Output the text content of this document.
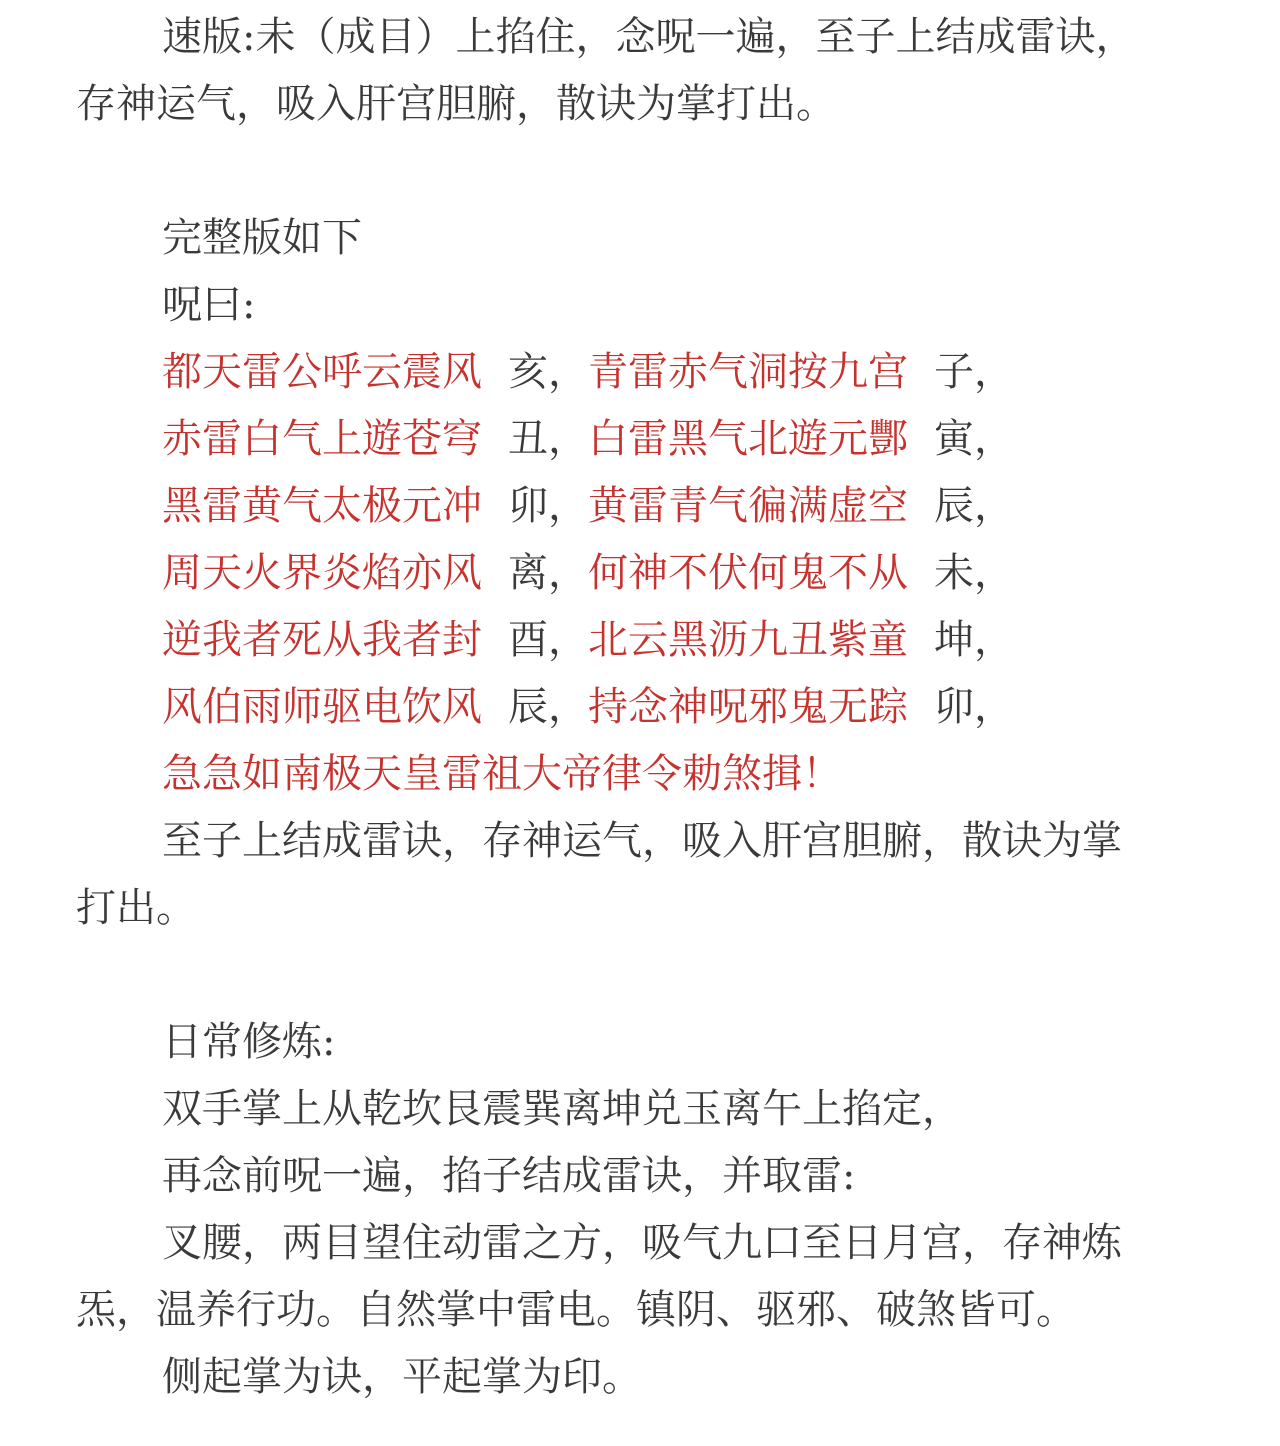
速版:未（成目）上掐住，念呪一遍，至子上结成雷诀，
存神运气，吸入肝宫胆腑，散诀为掌打出。
完整版如下
呪曰:
都天雷公呼云震风 亥，青雷赤气洞按九宫 子，
赤雷白气上遊苍穹 丑，白雷黑气北遊元酆 寅，
黑雷黄气太极元冲 卯，黄雷青气徧满虚空 辰，
周天火界炎焰亦风 离，何神不伏何鬼不从 未，
逆我者死从我者封 酉，北云黑沥九丑紫童 坤，
风伯雨师驱电饮风 辰，持念神呪邪鬼无踪 卯，
急急如南极天皇雷祖大帝律令勅煞揖！
至子上结成雷诀，存神运气，吸入肝宫胆腑，散诀为掌
打出。
日常修炼:
双手掌上从乾坎艮震巽离坤兑玉离午上掐定，
再念前呪一遍，掐子结成雷诀，并取雷:
叉腰，两目望住动雷之方，吸气九口至日月宫，存神炼
炁，温养行功。自然掌中雷电。镇阴、驱邪、破煞皆可。
侧起掌为诀，平起掌为印。
